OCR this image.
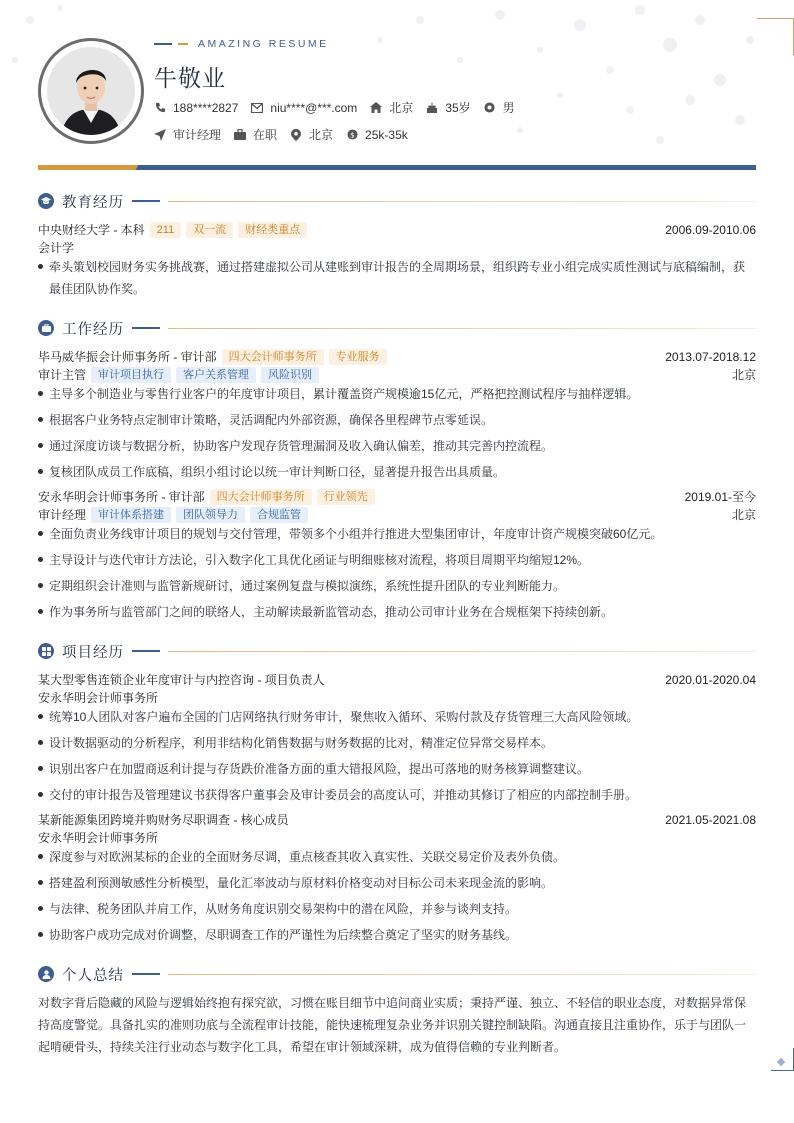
AMAZING RESUME
牛敬业
188****2827	niu****@***.com	北京	35岁	男
审计经理	在职	北京 $ 25k-35k
教育经历
中央财经大学 - 本科	211	双一流	财经类重点	2006.09-2010.06
会计学
牵头策划校园财务实务挑战赛，通过搭建虚拟公司从建账到审计报告的全周期场景，组织跨专业小组完成实质性测试与底稿编制，获最佳团队协作奖。
工作经历
毕马威华振会计师事务所 - 审计部	四大会计师事务所	专业服务	2013.07-2018.12
审计主管	审计项目执行	客户关系管理	风险识别	北京
主导多个制造业与零售行业客户的年度审计项目，累计覆盖资产规模逾15亿元，严格把控测试程序与抽样逻辑。
根据客户业务特点定制审计策略，灵活调配内外部资源，确保各里程碑节点零延误。
通过深度访谈与数据分析，协助客户发现存货管理漏洞及收入确认偏差，推动其完善内控流程。
复核团队成员工作底稿，组织小组讨论以统一审计判断口径，显著提升报告出具质量。
安永华明会计师事务所 - 审计部	四大会计师事务所	行业领先	2019.01-至今
审计经理	审计体系搭建	团队领导力	合规监管	北京
全面负责业务线审计项目的规划与交付管理，带领多个小组并行推进大型集团审计，年度审计资产规模突破60亿元。
主导设计与迭代审计方法论，引入数字化工具优化函证与明细账核对流程，将项目周期平均缩短12%。
定期组织会计准则与监管新规研讨，通过案例复盘与模拟演练，系统性提升团队的专业判断能力。
作为事务所与监管部门之间的联络人，主动解读最新监管动态，推动公司审计业务在合规框架下持续创新。
项目经历
某大型零售连锁企业年度审计与内控咨询 - 项目负责人	2020.01-2020.04
安永华明会计师事务所
统筹10人团队对客户遍布全国的门店网络执行财务审计，聚焦收入循环、采购付款及存货管理三大高风险领域。
设计数据驱动的分析程序，利用非结构化销售数据与财务数据的比对，精准定位异常交易样本。
识别出客户在加盟商返利计提与存货跌价准备方面的重大错报风险，提出可落地的财务核算调整建议。
交付的审计报告及管理建议书获得客户董事会及审计委员会的高度认可，并推动其修订了相应的内部控制手册。
某新能源集团跨境并购财务尽职调查 - 核心成员	2021.05-2021.08
安永华明会计师事务所
深度参与对欧洲某标的企业的全面财务尽调，重点核查其收入真实性、关联交易定价及表外负债。
搭建盈利预测敏感性分析模型，量化汇率波动与原材料价格变动对目标公司未来现金流的影响。
与法律、税务团队并肩工作，从财务角度识别交易架构中的潜在风险，并参与谈判支持。
协助客户成功完成对价调整，尽职调查工作的严谨性为后续整合奠定了坚实的财务基线。
个人总结
对数字背后隐藏的风险与逻辑始终抱有探究欲，习惯在账目细节中追问商业实质；秉持严谨、独立、不轻信的职业态度，对数据异常保持高度警觉。具备扎实的准则功底与全流程审计技能，能快速梳理复杂业务并识别关键控制缺陷。沟通直接且注重协作，乐于与团队一起啃硬骨头，持续关注行业动态与数字化工具，希望在审计领域深耕，成为值得信赖的专业判断者。
